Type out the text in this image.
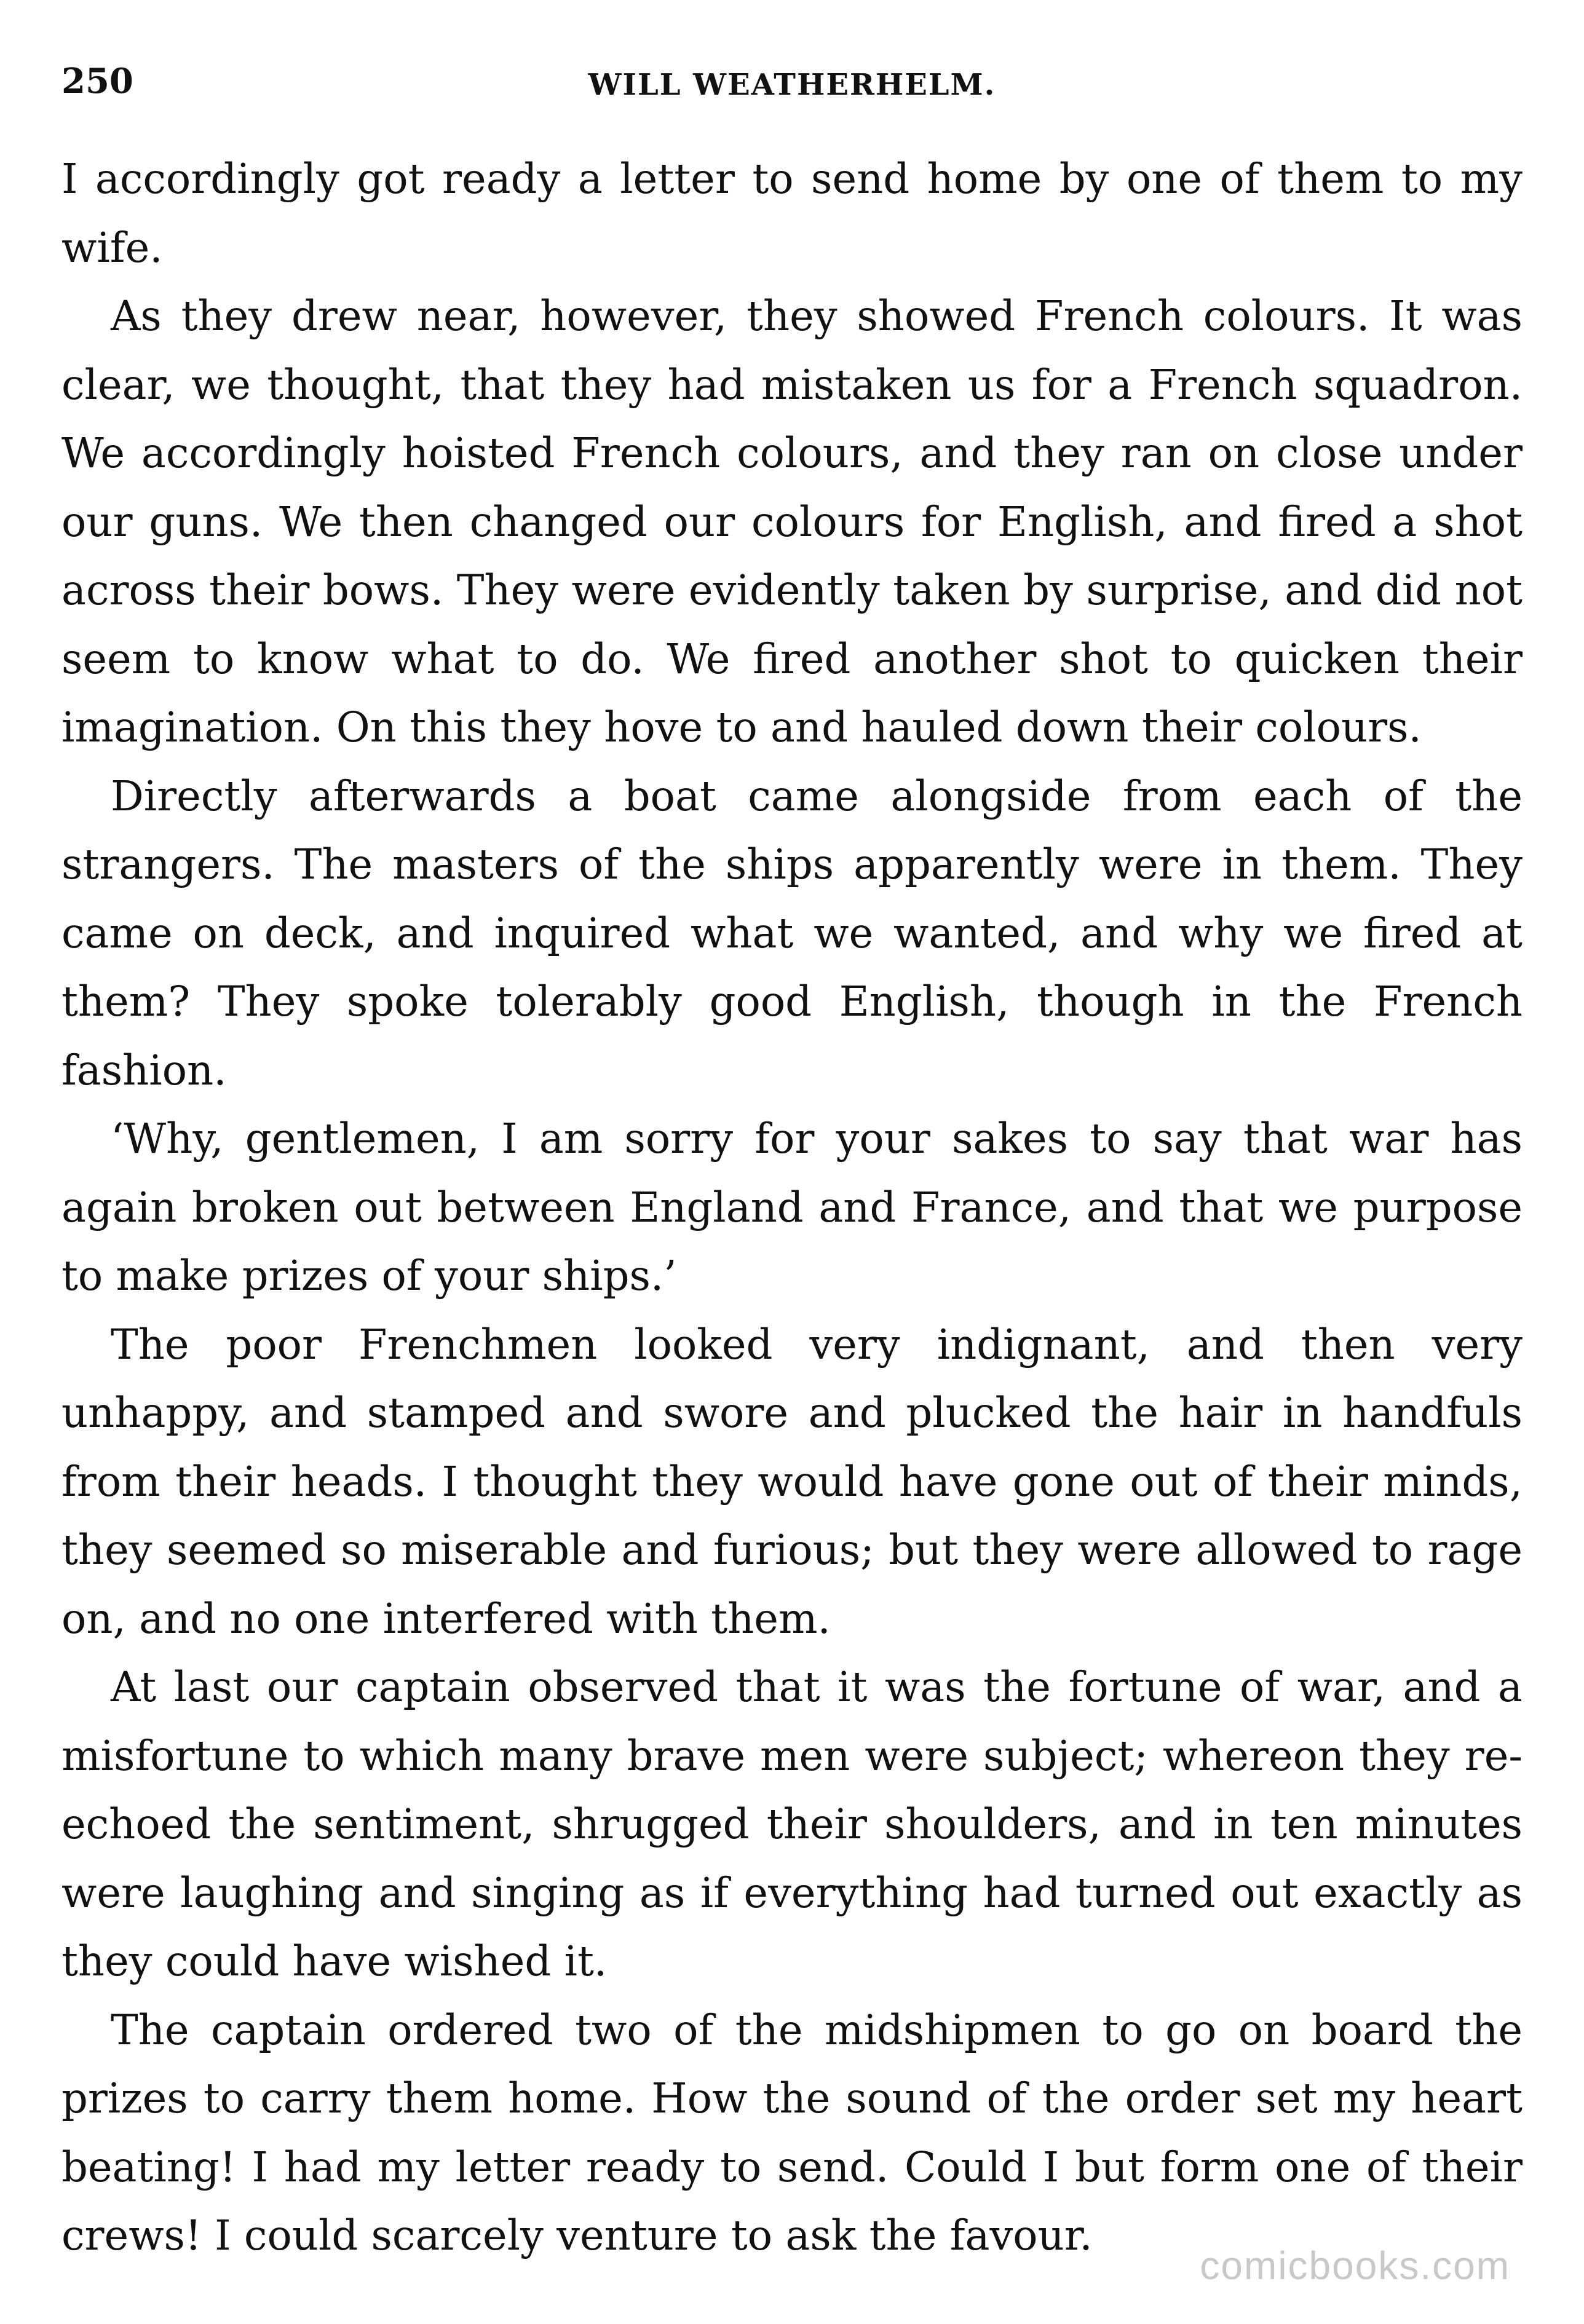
250	WILL WEATHERHELM.

I accordingly got ready a letter to send home by one of them to my wife.

As they drew near, however, they showed French colours. It was clear, we thought, that they had mistaken us for a French squadron. We accordingly hoisted French colours, and they ran on close under our guns. We then changed our colours for English, and fired a shot across their bows. They were evidently taken by surprise, and did not seem to know what to do. We fired another shot to quicken their imagination. On this they hove to and hauled down their colours.

Directly afterwards a boat came alongside from each of the strangers. The masters of the ships apparently were in them. They came on deck, and inquired what we wanted, and why we fired at them? They spoke tolerably good English, though in the French fashion.

‘Why, gentlemen, I am sorry for your sakes to say that war has again broken out between England and France, and that we purpose to make prizes of your ships.’

The poor Frenchmen looked very indignant, and then very unhappy, and stamped and swore and plucked the hair in handfuls from their heads. I thought they would have gone out of their minds, they seemed so miserable and furious; but they were allowed to rage on, and no one interfered with them.

At last our captain observed that it was the fortune of war, and a misfortune to which many brave men were subject; whereon they re-echoed the sentiment, shrugged their shoulders, and in ten minutes were laughing and singing as if everything had turned out exactly as they could have wished it.

The captain ordered two of the midshipmen to go on board the prizes to carry them home. How the sound of the order set my heart beating! I had my letter ready to send. Could I but form one of their crews! I could scarcely venture to ask the favour.

comicbooks.com
